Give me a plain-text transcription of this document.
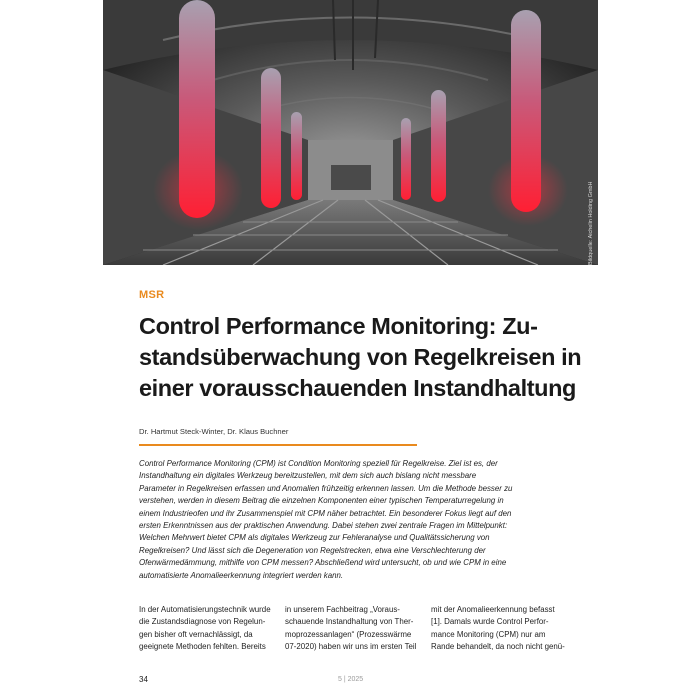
Bildquelle: Aichelin Holding GmbH
MSR
Control Performance Monitoring: Zu-
standsüberwachung von Regelkreisen in
einer vorausschauenden Instandhaltung
Dr. Hartmut Steck-Winter, Dr. Klaus Buchner

Control Performance Monitoring (CPM) ist Condition Monitoring speziell für Regelkreise. Ziel ist es, der
Instandhaltung ein digitales Werkzeug bereitzustellen, mit dem sich auch bislang nicht messbare
Parameter in Regelkreisen erfassen und Anomalien frühzeitig erkennen lassen. Um die Methode besser zu
verstehen, werden in diesem Beitrag die einzelnen Komponenten einer typischen Temperaturregelung in
einem Industrieofen und ihr Zusammenspiel mit CPM näher betrachtet. Ein besonderer Fokus liegt auf den
ersten Erkenntnissen aus der praktischen Anwendung. Dabei stehen zwei zentrale Fragen im Mittelpunkt:
Welchen Mehrwert bietet CPM als digitales Werkzeug zur Fehleranalyse und Qualitätssicherung von
Regelkreisen? Und lässt sich die Degeneration von Regelstrecken, etwa eine Verschlechterung der
Ofenwärmedämmung, mithilfe von CPM messen? Abschließend wird untersucht, ob und wie CPM in eine
automatisierte Anomalieerkennung integriert werden kann.

In der Automatisierungstechnik wurde
die Zustandsdiagnose von Regelun-
gen bisher oft vernachlässigt, da
geeignete Methoden fehlten. Bereits
in unserem Fachbeitrag „Voraus-
schauende Instandhaltung von Ther-
moprozessanlagen“ (Prozesswärme
07-2020) haben wir uns im ersten Teil
mit der Anomalieerkennung befasst
[1]. Damals wurde Control Perfor-
mance Monitoring (CPM) nur am
Rande behandelt, da noch nicht genü-
34	5 | 2025
